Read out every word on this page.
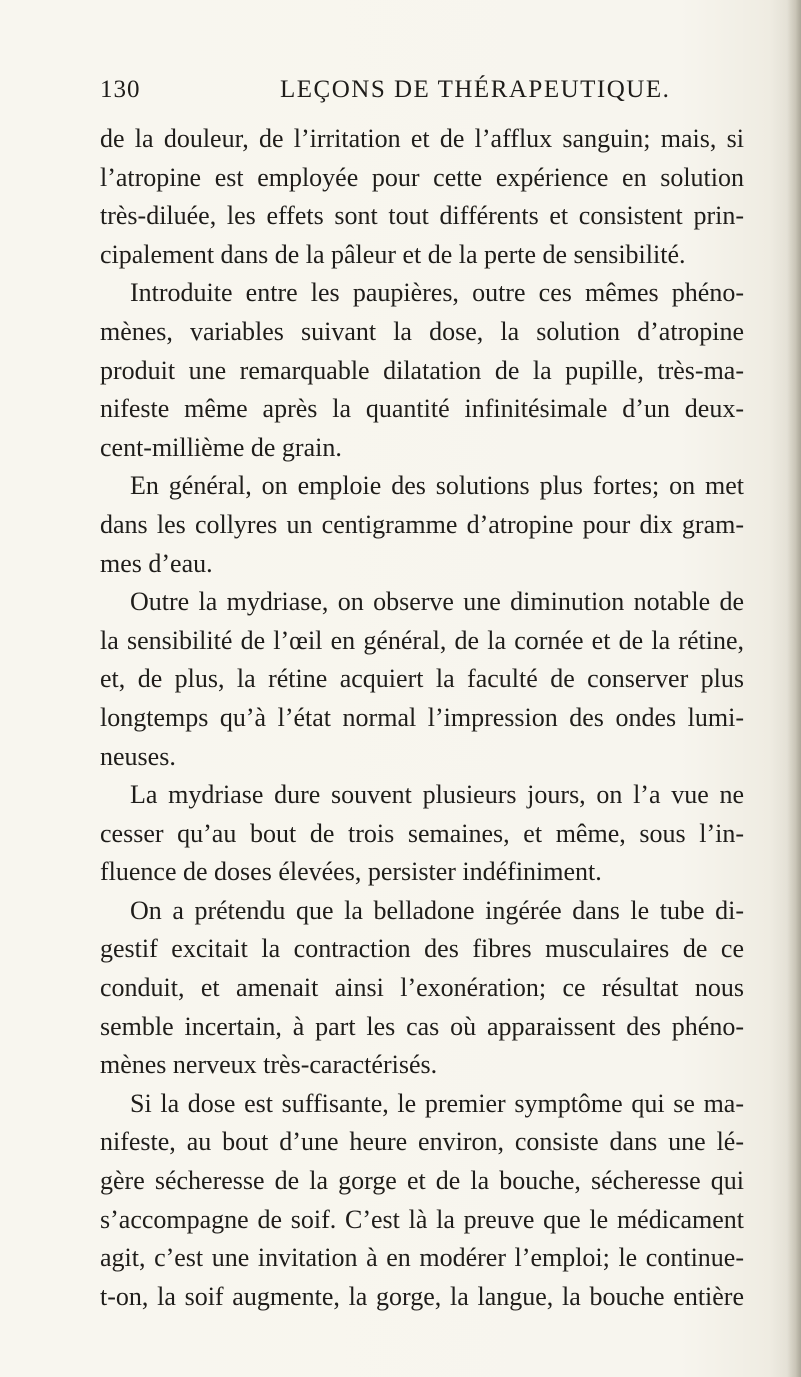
130	LEÇONS DE THÉRAPEUTIQUE.
de la douleur, de l’irritation et de l’afflux sanguin; mais, si
l’atropine est employée pour cette expérience en solution
très-diluée, les effets sont tout différents et consistent prin-
cipalement dans de la pâleur et de la perte de sensibilité.
Introduite entre les paupières, outre ces mêmes phéno-
mènes, variables suivant la dose, la solution d’atropine
produit une remarquable dilatation de la pupille, très-ma-
nifeste même après la quantité infinitésimale d’un deux-
cent-millième de grain.
En général, on emploie des solutions plus fortes; on met
dans les collyres un centigramme d’atropine pour dix gram-
mes d’eau.
Outre la mydriase, on observe une diminution notable de
la sensibilité de l’œil en général, de la cornée et de la rétine,
et, de plus, la rétine acquiert la faculté de conserver plus
longtemps qu’à l’état normal l’impression des ondes lumi-
neuses.
La mydriase dure souvent plusieurs jours, on l’a vue ne
cesser qu’au bout de trois semaines, et même, sous l’in-
fluence de doses élevées, persister indéfiniment.
On a prétendu que la belladone ingérée dans le tube di-
gestif excitait la contraction des fibres musculaires de ce
conduit, et amenait ainsi l’exonération; ce résultat nous
semble incertain, à part les cas où apparaissent des phéno-
mènes nerveux très-caractérisés.
Si la dose est suffisante, le premier symptôme qui se ma-
nifeste, au bout d’une heure environ, consiste dans une lé-
gère sécheresse de la gorge et de la bouche, sécheresse qui
s’accompagne de soif. C’est là la preuve que le médicament
agit, c’est une invitation à en modérer l’emploi; le continue-
t-on, la soif augmente, la gorge, la langue, la bouche entière
